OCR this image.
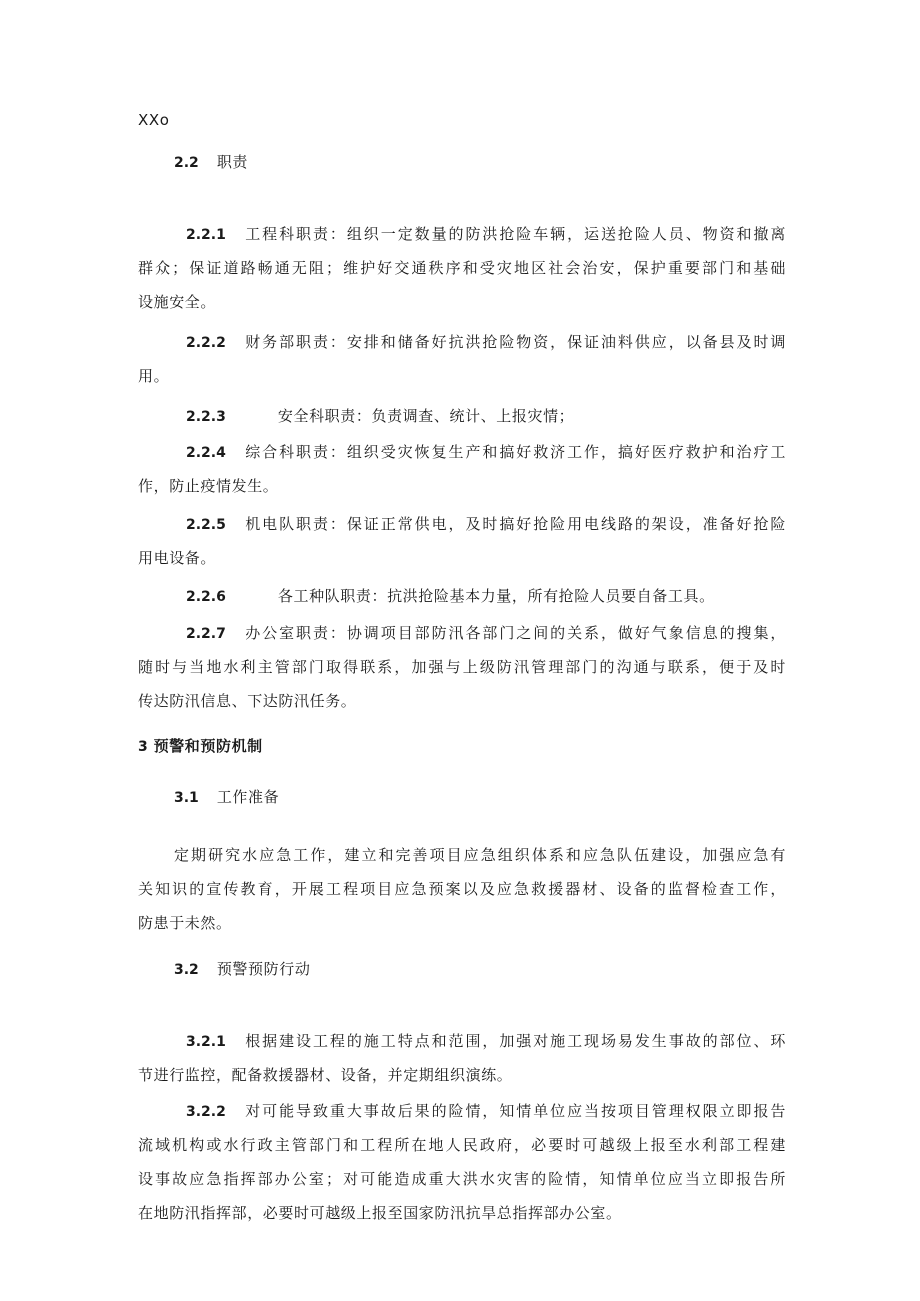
XXo
2.2 职责
2.2.1 工程科职责：组织一定数量的防洪抢险车辆，运送抢险人员、物资和撤离
群众；保证道路畅通无阻；维护好交通秩序和受灾地区社会治安，保护重要部门和基础
设施安全。
2.2.2 财务部职责：安排和储备好抗洪抢险物资，保证油料供应，以备县及时调
用。
2.2.3	安全科职责：负责调查、统计、上报灾情；
2.2.4 综合科职责：组织受灾恢复生产和搞好救济工作，搞好医疗救护和治疗工
作，防止疫情发生。
2.2.5 机电队职责：保证正常供电，及时搞好抢险用电线路的架设，准备好抢险
用电设备。
2.2.6	各工种队职责：抗洪抢险基本力量，所有抢险人员要自备工具。
2.2.7 办公室职责：协调项目部防汛各部门之间的关系，做好气象信息的搜集，
随时与当地水利主管部门取得联系，加强与上级防汛管理部门的沟通与联系，便于及时
传达防汛信息、下达防汛任务。
3 预警和预防机制
3.1 工作准备
定期研究水应急工作，建立和完善项目应急组织体系和应急队伍建设，加强应急有
关知识的宣传教育，开展工程项目应急预案以及应急救援器材、设备的监督检查工作，
防患于未然。
3.2 预警预防行动
3.2.1 根据建设工程的施工特点和范围，加强对施工现场易发生事故的部位、环
节进行监控，配备救援器材、设备，并定期组织演练。
3.2.2 对可能导致重大事故后果的险情，知情单位应当按项目管理权限立即报告
流域机构或水行政主管部门和工程所在地人民政府，必要时可越级上报至水利部工程建
设事故应急指挥部办公室；对可能造成重大洪水灾害的险情，知情单位应当立即报告所
在地防汛指挥部，必要时可越级上报至国家防汛抗旱总指挥部办公室。
